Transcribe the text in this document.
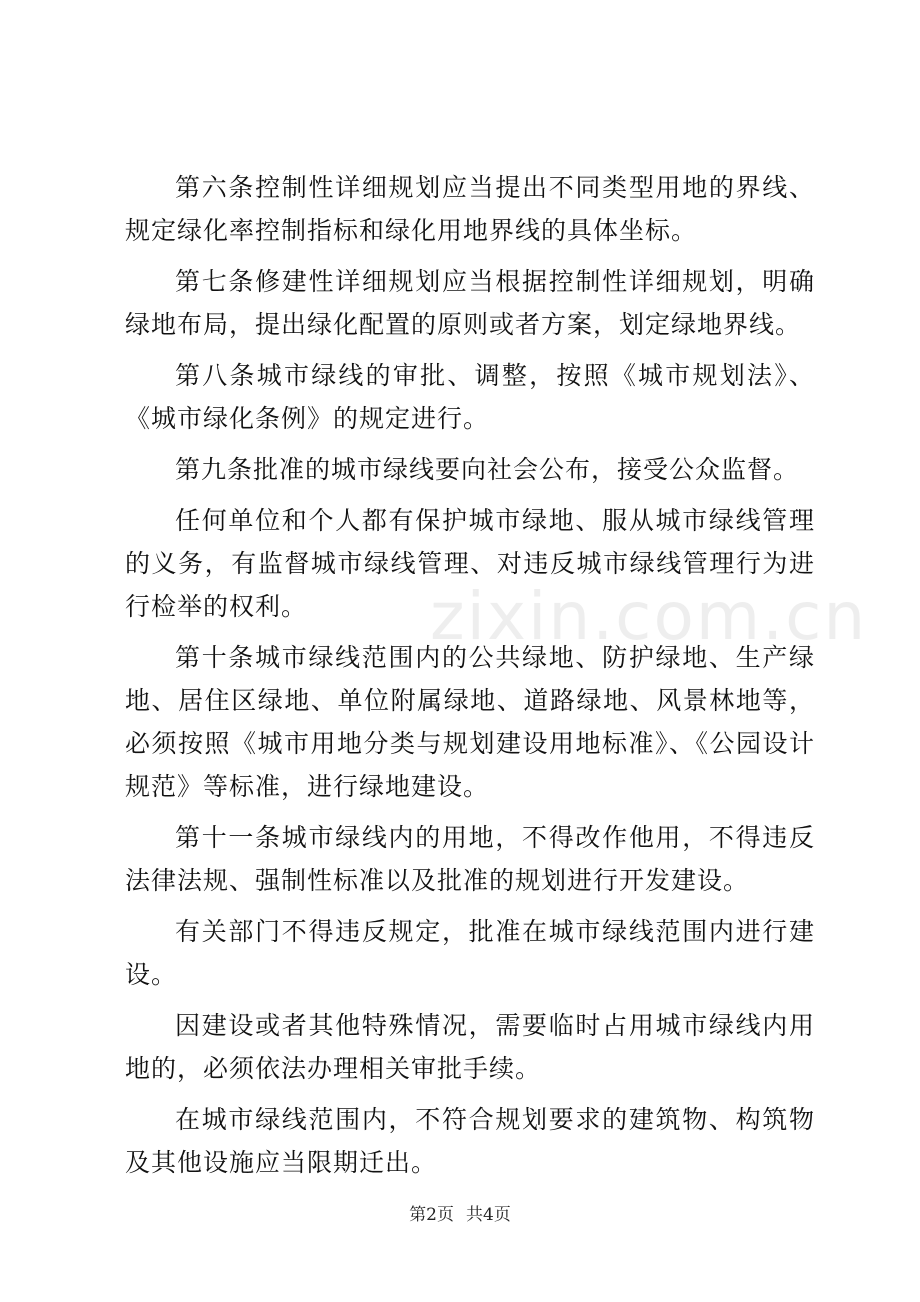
第六条控制性详细规划应当提出不同类型用地的界线、规定绿化率控制指标和绿化用地界线的具体坐标。

第七条修建性详细规划应当根据控制性详细规划，明确绿地布局，提出绿化配置的原则或者方案，划定绿地界线。

第八条城市绿线的审批、调整，按照《城市规划法》、《城市绿化条例》的规定进行。

第九条批准的城市绿线要向社会公布，接受公众监督。

任何单位和个人都有保护城市绿地、服从城市绿线管理的义务，有监督城市绿线管理、对违反城市绿线管理行为进行检举的权利。

第十条城市绿线范围内的公共绿地、防护绿地、生产绿地、居住区绿地、单位附属绿地、道路绿地、风景林地等，必须按照《城市用地分类与规划建设用地标准》、《公园设计规范》等标准，进行绿地建设。

第十一条城市绿线内的用地，不得改作他用，不得违反法律法规、强制性标准以及批准的规划进行开发建设。

有关部门不得违反规定，批准在城市绿线范围内进行建设。

因建设或者其他特殊情况，需要临时占用城市绿线内用地的，必须依法办理相关审批手续。

在城市绿线范围内，不符合规划要求的建筑物、构筑物及其他设施应当限期迁出。

zixin.com.cn
第2页 共4页
